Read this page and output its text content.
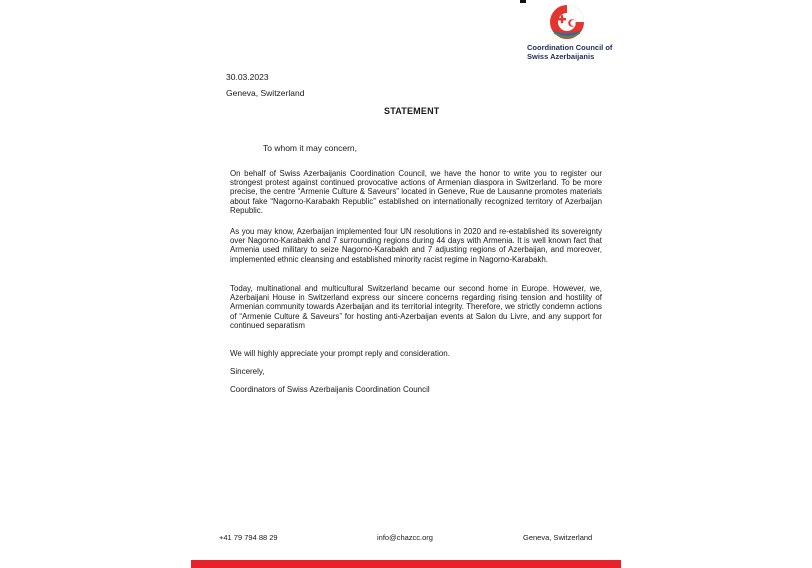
Coordination Council of
Swiss Azerbaijanis
30.03.2023
Geneva, Switzerland
STATEMENT
To whom it may concern,
On behalf of Swiss Azerbaijanis Coordination Council, we have the honor to write you to register our strongest protest against continued provocative actions of Armenian diaspora in Switzerland. To be more precise, the centre “Armenie Culture & Saveurs” located in Geneve, Rue de Lausanne promotes materials about fake “Nagorno-Karabakh Republic” established on internationally recognized territory of Azerbaijan Republic.
As you may know, Azerbaijan implemented four UN resolutions in 2020 and re-established its sovereignty over Nagorno-Karabakh and 7 surrounding regions during 44 days with Armenia. It is well known fact that Armenia used military to seize Nagorno-Karabakh and 7 adjusting regions of Azerbaijan, and moreover, implemented ethnic cleansing and established minority racist regime in Nagorno-Karabakh.
Today, multinational and multicultural Switzerland became our second home in Europe. However, we, Azerbaijani House in Switzerland express our sincere concerns regarding rising tension and hostility of Armenian community towards Azerbaijan and its territorial integrity. Therefore, we strictly condemn actions of “Armenie Culture & Saveurs” for hosting anti-Azerbaijan events at Salon du Livre, and any support for continued separatism
We will highly appreciate your prompt reply and consideration.
Sincerely,
Coordinators of Swiss Azerbaijanis Coordination Council
+41 79 794 88 29	info@chazcc.org	Geneva, Switzerland
